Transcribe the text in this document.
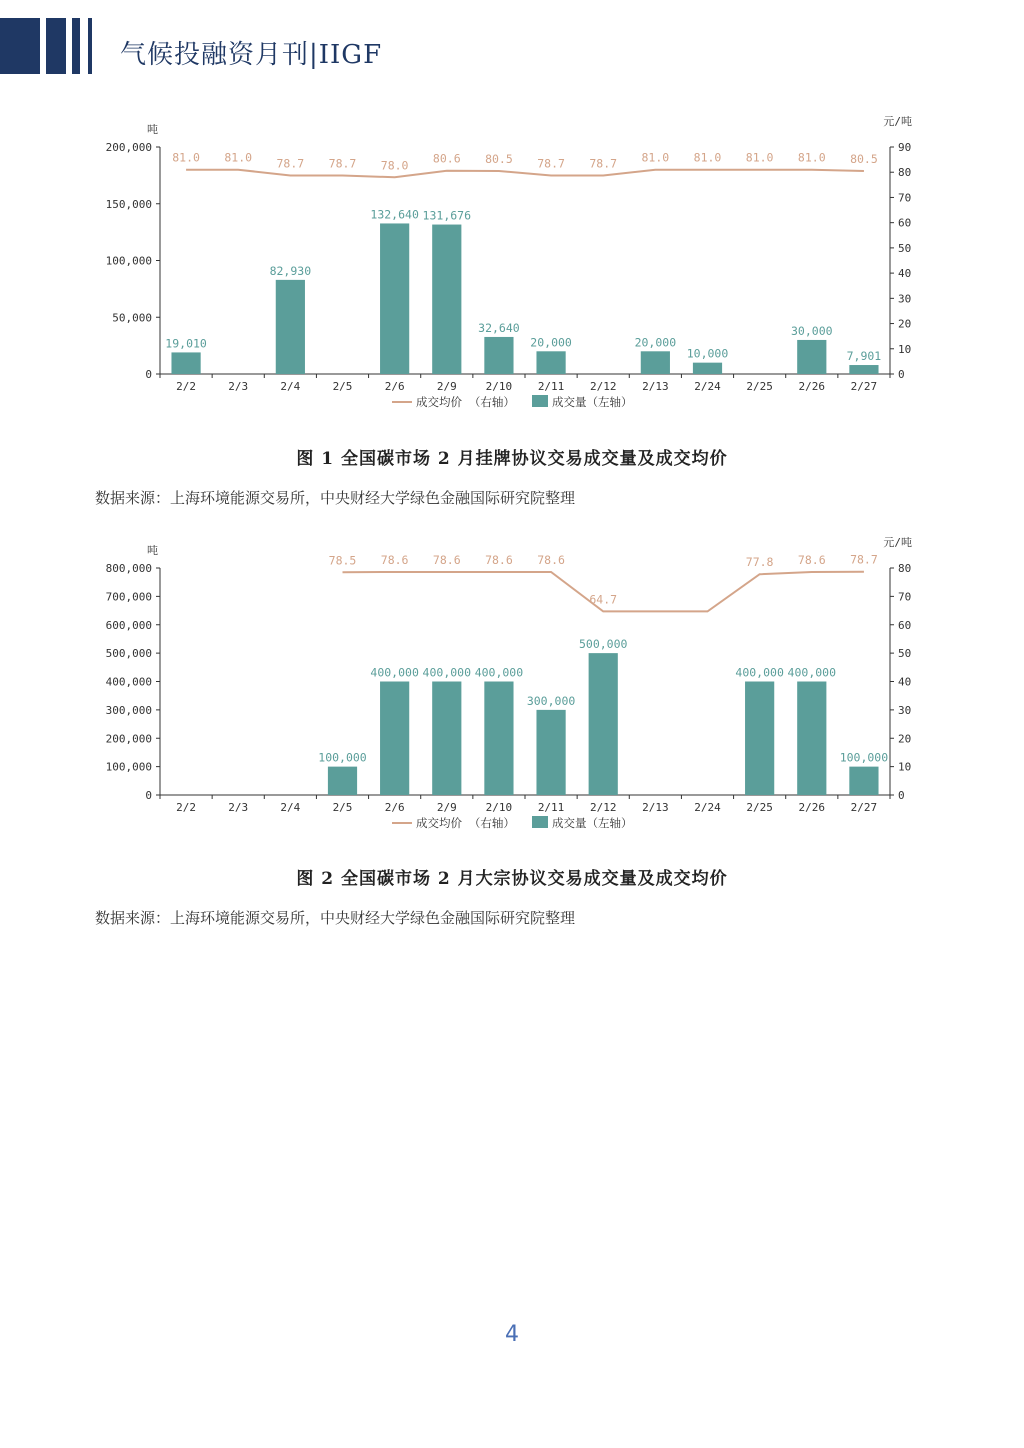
气候投融资月刊|IIGF
吨
元/吨
0
50,000
100,000
150,000
200,000
0
10
20
30
40
50
60
70
80
90
2/2	2/3	2/4	2/5	2/6	2/9	2/10 2/11 2/12 2/13 2/24 2/25 2/26 2/27
19,010
82,930
132,640 131,676
32,640
20,000	20,000
10,000
30,000
7,901
81.0 81.0 78.7 78.7 78.0 80.6 80.5 78.7 78.7 81.0 81.0 81.0 81.0 80.5
成交均价 （右轴）	成交量（左轴）
图 1 全国碳市场 2 月挂牌协议交易成交量及成交均价
数据来源：上海环境能源交易所，中央财经大学绿色金融国际研究院整理
吨
元/吨
0
100,000
200,000
300,000
400,000
500,000
600,000
700,000
800,000
0
10
20
30
40
50
60
70
80
2/2	2/3	2/4	2/5	2/6	2/9	2/10 2/11 2/12 2/13 2/24 2/25 2/26 2/27
100,000
400,000 400,000 400,000
300,000
500,000
400,000 400,000
100,000
78.5 78.6 78.6 78.6 78.6
64.7
77.8 78.6 78.7
成交均价 （右轴）	成交量（左轴）
图 2 全国碳市场 2 月大宗协议交易成交量及成交均价
数据来源：上海环境能源交易所，中央财经大学绿色金融国际研究院整理
4
